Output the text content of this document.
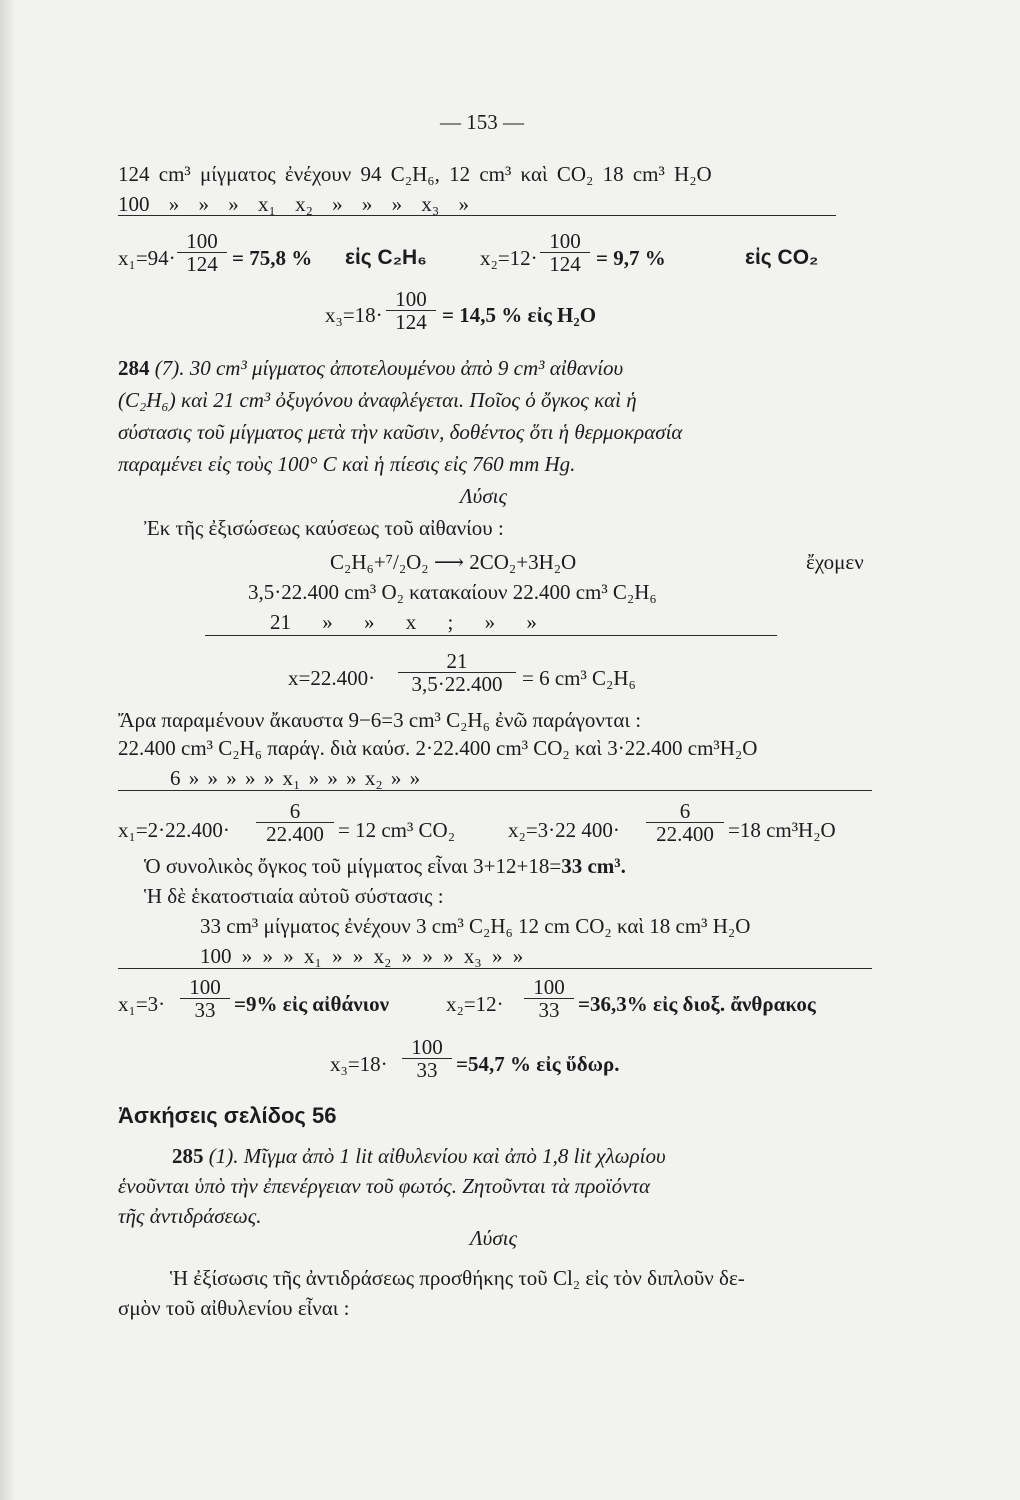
— 153 —
124 cm³ μίγματος ἐνέχουν 94 C₂H₆, 12 cm³ καὶ CO₂ 18 cm³ H₂O
100 » » » x₁ x₂ » » » x₃ »
$x_1=94\cdot \frac{100}{124} = 75,8$ % εἰς C₂H₆	$x_2=12\cdot \frac{100}{124} = 9,7$ %	εἰς CO₂
$x_3=18\cdot \frac{100}{124} = 14,5$ % εἰς H₂O
284 (7). 30 cm³ μίγματος ἀποτελουμένου ἀπὸ 9 cm³ αἰθανίου
(C₂H₆) καὶ 21 cm³ ὀξυγόνου ἀναφλέγεται. Ποῖος ὁ ὄγκος καὶ ἡ
σύστασις τοῦ μίγματος μετὰ τὴν καῦσιν, δοθέντος ὅτι ἡ θερμοκρασία
παραμένει εἰς τοὺς 100° C καὶ ἡ πίεσις εἰς 760 mm Hg.
Λύσις
Ἐκ τῆς ἐξισώσεως καύσεως τοῦ αἰθανίου :
C₂H₆+⁷/₂O₂ ⟶ 2CO₂+3H₂O	ἔχομεν
3,5·22.400 cm³ O₂ κατακαίουν 22.400 cm³ C₂H₆
21 » » x ; » »
$x=22.400\cdot \frac{21}{3,5\cdot 22.400} = 6$ cm³ C₂H₆
Ἄρα παραμένουν ἄκαυστα 9−6=3 cm³ C₂H₆ ἐνῶ παράγονται :
22.400 cm³ C₂H₆ παράγ. διὰ καύσ. 2·22.400 cm³ CO₂ καὶ 3·22.400 cm³H₂O
6 » » » » » x₁ » » » x₂ » »
$x_1=2\cdot 22.400\cdot \frac{6}{22.400} = 12$ cm³ CO₂	x₂=3·22 $400\cdot \frac{6}{22.400} =18$ cm³H₂O
Ὁ συνολικὸς ὄγκος τοῦ μίγματος εἶναι 3+12+18=33 cm³.
Ἡ δὲ ἑκατοστιαία αὐτοῦ σύστασις :
33 cm³ μίγματος ἐνέχουν 3 cm³ C₂H₆ 12 cm CO₂ καὶ 18 cm³ H₂O
100 » » » x₁ » » x₂ » » » x₃ » »
$x_1=3\cdot \frac{100}{33} =9\%$ εἰς αἰθάνιον	$x_2=12\cdot \frac{100}{33} =36,3\%$ εἰς διοξ. ἄνθρακος
$x_3=18\cdot \frac{100}{33} =54,7$ % εἰς ὕδωρ.
Ἀσκήσεις σελίδος 56
285 (1). Μῖγμα ἀπὸ 1 lit αἰθυλενίου καὶ ἀπὸ 1,8 lit χλωρίου
ἑνοῦνται ὑπὸ τὴν ἐπενέργειαν τοῦ φωτός. Ζητοῦνται τὰ προϊόντα
τῆς ἀντιδράσεως.
Λύσις
Ἡ ἐξίσωσις τῆς ἀντιδράσεως προσθήκης τοῦ Cl₂ εἰς τὸν διπλοῦν δε-
σμὸν τοῦ αἰθυλενίου εἶναι :
